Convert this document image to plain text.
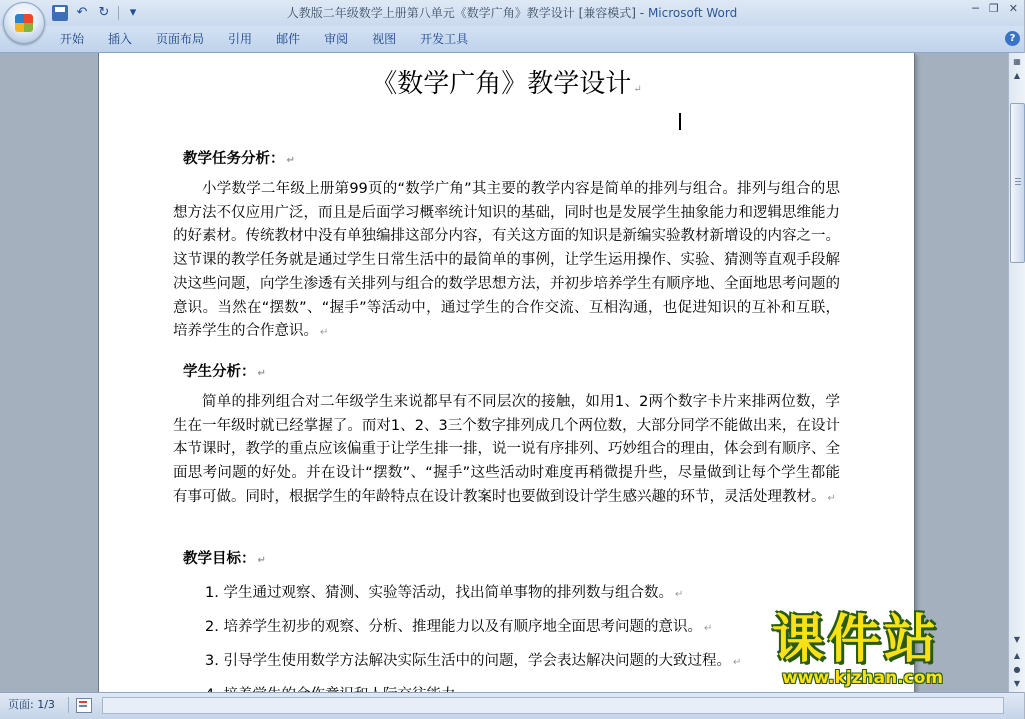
人教版二年级数学上册第八单元《数学广角》教学设计 [兼容模式] - Microsoft Word
↶ ↻	▾	─ ❐ ✕
开始	插入	页面布局	引用	邮件	审阅	视图	开发工具	?
《数学广角》教学设计 ↵
教学任务分析： ↵

小学数学二年级上册第99页的“数学广角”其主要的教学内容是简单的排列与组合。排列与组合的思想方法不仅应用广泛，而且是后面学习概率统计知识的基础，同时也是发展学生抽象能力和逻辑思维能力的好素材。传统教材中没有单独编排这部分内容，有关这方面的知识是新编实验教材新增设的内容之一。这节课的教学任务就是通过学生日常生活中的最简单的事例，让学生运用操作、实验、猜测等直观手段解决这些问题，向学生渗透有关排列与组合的数学思想方法，并初步培养学生有顺序地、全面地思考问题的意识。当然在“摆数”、“握手”等活动中，通过学生的合作交流、互相沟通，也促进知识的互补和互联，培养学生的合作意识。 ↵

学生分析： ↵

简单的排列组合对二年级学生来说都早有不同层次的接触，如用1、2两个数字卡片来排两位数，学生在一年级时就已经掌握了。而对1、2、3三个数字排列成几个两位数，大部分同学不能做出来，在设计本节课时，教学的重点应该偏重于让学生排一排，说一说有序排列、巧妙组合的理由，体会到有顺序、全面思考问题的好处。并在设计“摆数”、“握手”这些活动时难度再稍微提升些，尽量做到让每个学生都能有事可做。同时，根据学生的年龄特点在设计教案时也要做到设计学生感兴趣的环节，灵活处理教材。 ↵

教学目标： ↵
1. 学生通过观察、猜测、实验等活动，找出简单事物的排列数与组合数。 ↵
2. 培养学生初步的观察、分析、推理能力以及有顺序地全面思考问题的意识。 ↵
3. 引导学生使用数学方法解决实际生活中的问题，学会表达解决问题的大致过程。 ↵
▦
▲
▼
▲
●
▼
页面: 1/3
课件站
www.kjzhan.com
